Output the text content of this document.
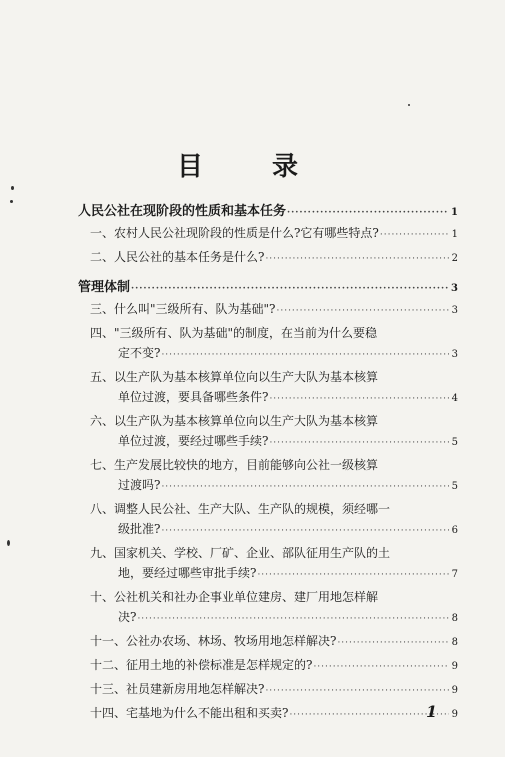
目 录
人民公社在现阶段的性质和基本任务 ·····	1
一、农村人民公社现阶段的性质是什么?它有哪些特点? ·····	1
二、人民公社的基本任务是什么? ·····	2
管理体制 ·····	3
三、什么叫"三级所有、队为基础"? ·····	3
四、"三级所有、队为基础"的制度，在当前为什么要稳
定不变? ·····	3
五、以生产队为基本核算单位向以生产大队为基本核算
单位过渡，要具备哪些条件? ·····	4
六、以生产队为基本核算单位向以生产大队为基本核算
单位过渡，要经过哪些手续? ·····	5
七、生产发展比较快的地方，目前能够向公社一级核算
过渡吗? ·····	5
八、调整人民公社、生产大队、生产队的规模，须经哪一
级批准? ·····	6
九、国家机关、学校、厂矿、企业、部队征用生产队的土
地，要经过哪些审批手续? ·····	7
十、公社机关和社办企事业单位建房、建厂用地怎样解
决? ·····	8
十一、公社办农场、林场、牧场用地怎样解决? ·····	8
十二、征用土地的补偿标准是怎样规定的? ·····	9
十三、社员建新房用地怎样解决? ·····	9
十四、宅基地为什么不能出租和买卖? ·····	9
1
